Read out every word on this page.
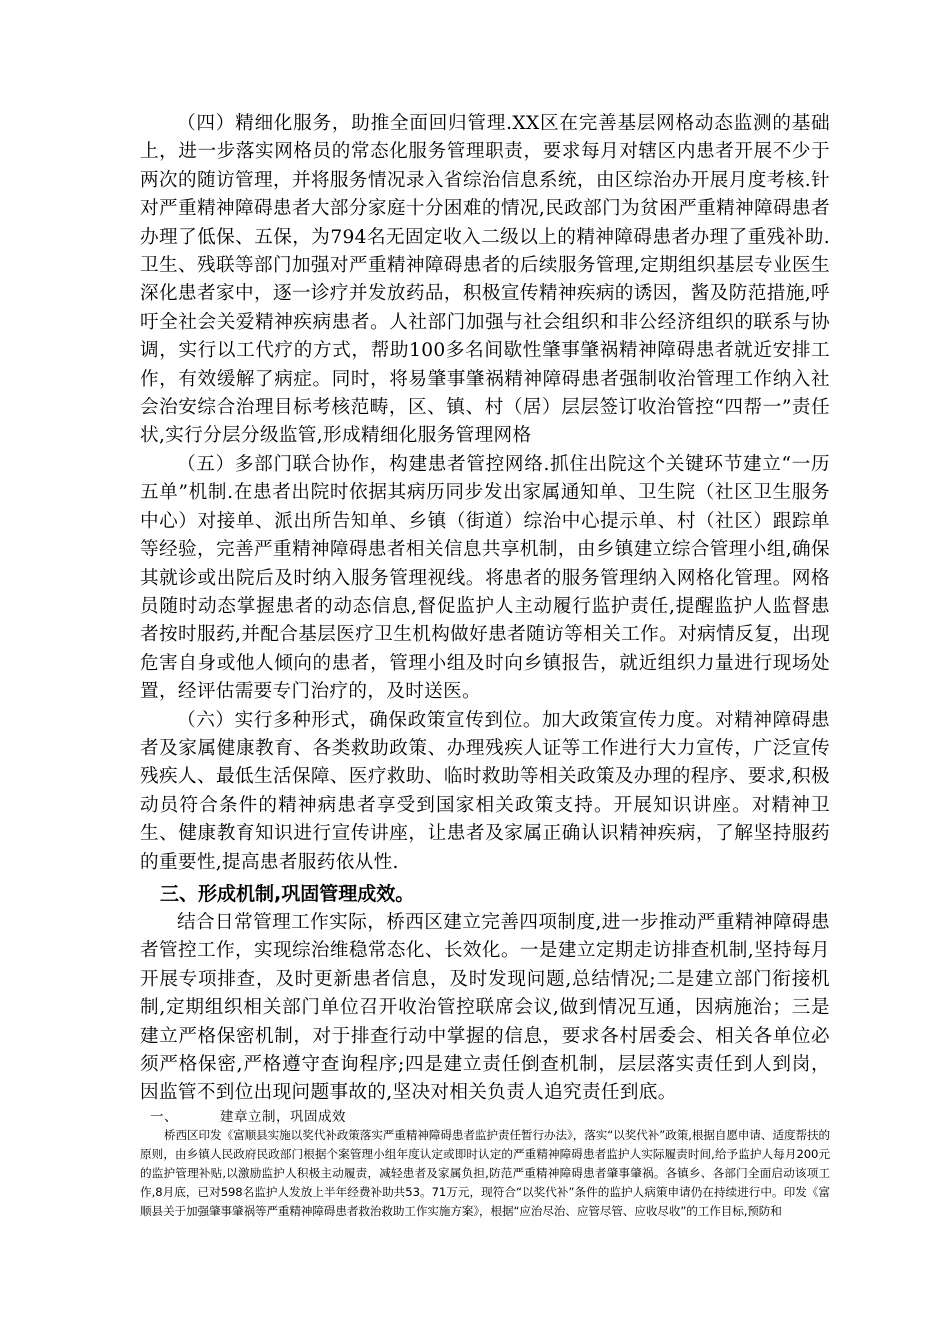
（四）精细化服务，助推全面回归管理.XX区在完善基层网格动态监测的基础上，进一步落实网格员的常态化服务管理职责，要求每月对辖区内患者开展不少于两次的随访管理，并将服务情况录入省综治信息系统，由区综治办开展月度考核.针对严重精神障碍患者大部分家庭十分困难的情况,民政部门为贫困严重精神障碍患者办理了低保、五保，为794名无固定收入二级以上的精神障碍患者办理了重残补助.卫生、残联等部门加强对严重精神障碍患者的后续服务管理,定期组织基层专业医生深化患者家中，逐一诊疗并发放药品，积极宣传精神疾病的诱因，酱及防范措施,呼吁全社会关爱精神疾病患者。人社部门加强与社会组织和非公经济组织的联系与协调，实行以工代疗的方式，帮助100多名间歇性肇事肇祸精神障碍患者就近安排工作，有效缓解了病症。同时，将易肇事肇祸精神障碍患者强制收治管理工作纳入社会治安综合治理目标考核范畴，区、镇、村（居）层层签订收治管控“四帮一”责任状,实行分层分级监管,形成精细化服务管理网格

（五）多部门联合协作，构建患者管控网络.抓住出院这个关键环节建立“一历五单”机制.在患者出院时依据其病历同步发出家属通知单、卫生院（社区卫生服务中心）对接单、派出所告知单、乡镇（街道）综治中心提示单、村（社区）跟踪单等经验，完善严重精神障碍患者相关信息共享机制，由乡镇建立综合管理小组,确保其就诊或出院后及时纳入服务管理视线。将患者的服务管理纳入网格化管理。网格员随时动态掌握患者的动态信息,督促监护人主动履行监护责任,提醒监护人监督患者按时服药,并配合基层医疗卫生机构做好患者随访等相关工作。对病情反复，出现危害自身或他人倾向的患者，管理小组及时向乡镇报告，就近组织力量进行现场处置，经评估需要专门治疗的，及时送医。

（六）实行多种形式，确保政策宣传到位。加大政策宣传力度。对精神障碍患者及家属健康教育、各类救助政策、办理残疾人证等工作进行大力宣传，广泛宣传残疾人、最低生活保障、医疗救助、临时救助等相关政策及办理的程序、要求,积极动员符合条件的精神病患者享受到国家相关政策支持。开展知识讲座。对精神卫生、健康教育知识进行宣传讲座，让患者及家属正确认识精神疾病，了解坚持服药的重要性,提高患者服药依从性.

三、形成机制,巩固管理成效。

结合日常管理工作实际，桥西区建立完善四项制度,进一步推动严重精神障碍患者管控工作，实现综治维稳常态化、长效化。一是建立定期走访排查机制,坚持每月开展专项排查，及时更新患者信息，及时发现问题,总结情况;二是建立部门衔接机制,定期组织相关部门单位召开收治管控联席会议,做到情况互通，因病施治；三是建立严格保密机制，对于排查行动中掌握的信息，要求各村居委会、相关各单位必须严格保密,严格遵守查询程序;四是建立责任倒查机制，层层落实责任到人到岗，因监管不到位出现问题事故的,坚决对相关负责人追究责任到底。

一、	建章立制，巩固成效

桥西区印发《富顺县实施以奖代补政策落实严重精神障碍患者监护责任暂行办法》，落实“以奖代补”政策,根据自愿申请、适度帮扶的原则，由乡镇人民政府民政部门根据个案管理小组年度认定或即时认定的严重精神障碍患者监护人实际履责时间,给予监护人每月200元的监护管理补贴,以激励监护人积极主动履责，减轻患者及家属负担,防范严重精神障碍患者肇事肇祸。各镇乡、各部门全面启动该项工作,8月底，已对598名监护人发放上半年经费补助共53。71万元，现符合“以奖代补”条件的监护人病策申请仍在持续进行中。印发《富顺县关于加强肇事肇祸等严重精神障碍患者救治救助工作实施方案》，根据“应治尽治、应管尽管、应收尽收”的工作目标,预防和
